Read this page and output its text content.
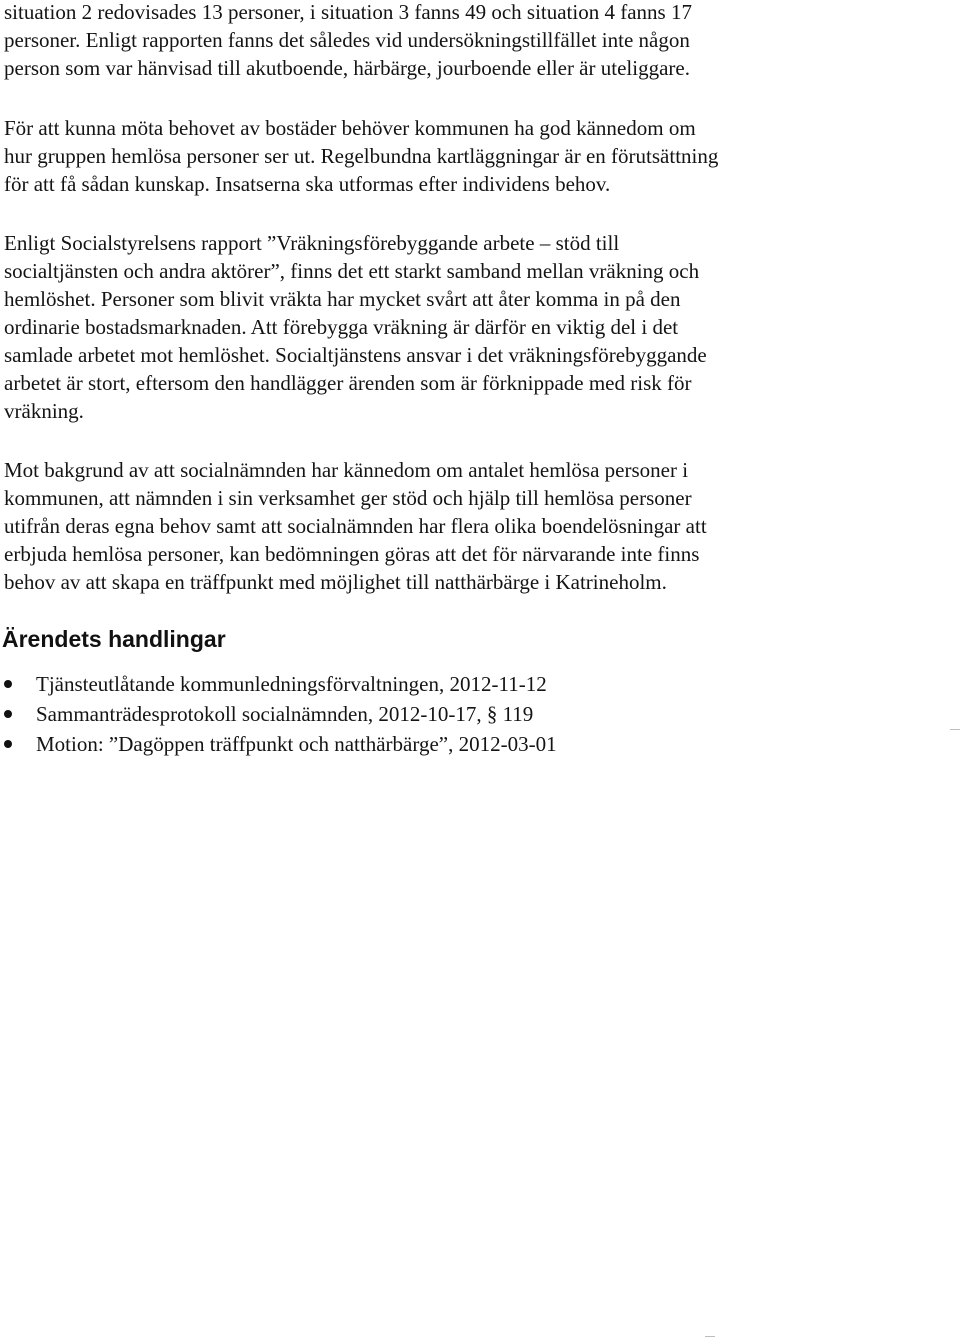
situation 2 redovisades 13 personer, i situation 3 fanns 49 och situation 4 fanns 17
personer. Enligt rapporten fanns det således vid undersökningstillfället inte någon
person som var hänvisad till akutboende, härbärge, jourboende eller är uteliggare.

För att kunna möta behovet av bostäder behöver kommunen ha god kännedom om
hur gruppen hemlösa personer ser ut. Regelbundna kartläggningar är en förutsättning
för att få sådan kunskap. Insatserna ska utformas efter individens behov.

Enligt Socialstyrelsens rapport ”Vräkningsförebyggande arbete – stöd till
socialtjänsten och andra aktörer”, finns det ett starkt samband mellan vräkning och
hemlöshet. Personer som blivit vräkta har mycket svårt att åter komma in på den
ordinarie bostadsmarknaden. Att förebygga vräkning är därför en viktig del i det
samlade arbetet mot hemlöshet. Socialtjänstens ansvar i det vräkningsförebyggande
arbetet är stort, eftersom den handlägger ärenden som är förknippade med risk för
vräkning.

Mot bakgrund av att socialnämnden har kännedom om antalet hemlösa personer i
kommunen, att nämnden i sin verksamhet ger stöd och hjälp till hemlösa personer
utifrån deras egna behov samt att socialnämnden har flera olika boendelösningar att
erbjuda hemlösa personer, kan bedömningen göras att det för närvarande inte finns
behov av att skapa en träffpunkt med möjlighet till natthärbärge i Katrineholm.

Ärendets handlingar
Tjänsteutlåtande kommunledningsförvaltningen, 2012-11-12
Sammanträdesprotokoll socialnämnden, 2012-10-17, § 119
Motion: ”Dagöppen träffpunkt och natthärbärge”, 2012-03-01
